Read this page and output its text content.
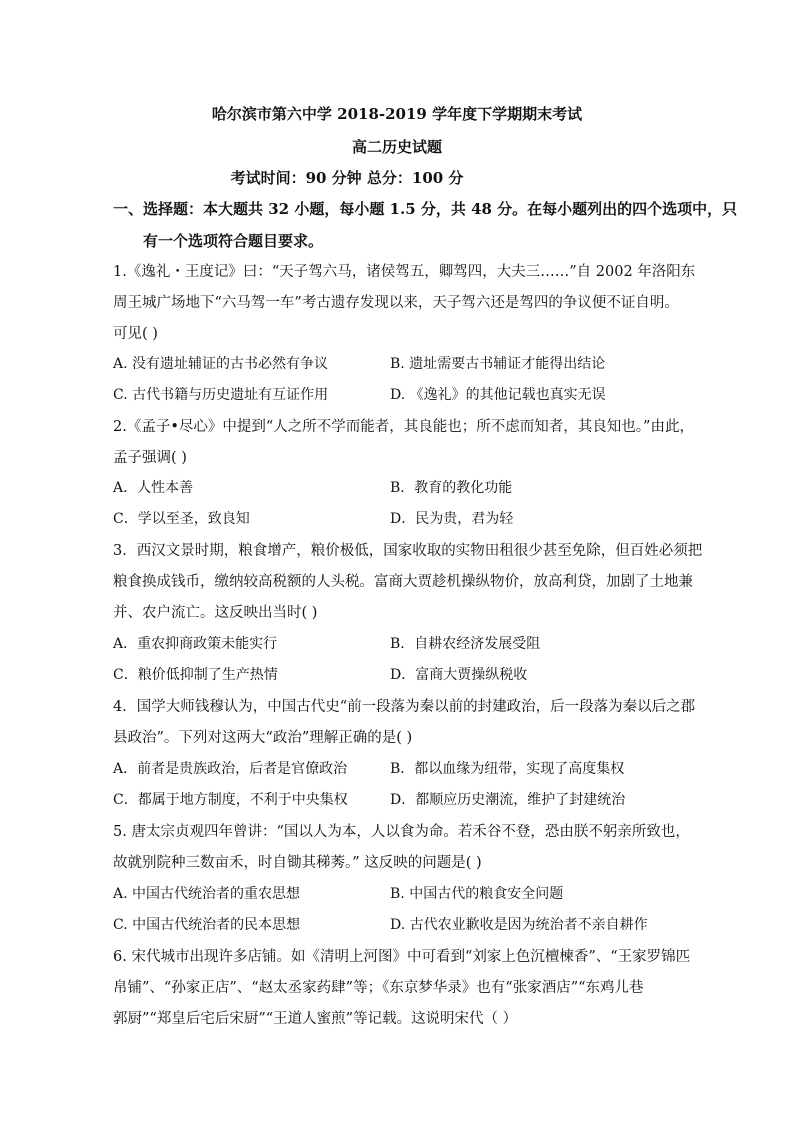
哈尔滨市第六中学 2018-2019 学年度下学期期末考试
高二历史试题
考试时间：90 分钟 总分：100 分
一、选择题：本大题共 32 小题，每小题 1.5 分，共 48 分。在每小题列出的四个选项中，只
有一个选项符合题目要求。
1.《逸礼・王度记》曰：“天子驾六马，诸侯驾五，卿驾四，大夫三……”自 2002 年洛阳东
周王城广场地下“六马驾一车”考古遗存发现以来，天子驾六还是驾四的争议便不证自明。
可见( )
A. 没有遗址辅证的古书必然有争议	B. 遗址需要古书辅证才能得出结论
C. 古代书籍与历史遗址有互证作用	D. 《逸礼》的其他记载也真实无误
2.《孟子•尽心》中提到“人之所不学而能者，其良能也；所不虑而知者，其良知也。”由此，
孟子强调( )
A．人性本善	B．教育的教化功能
C．学以至圣，致良知	D．民为贵，君为轻
3．西汉文景时期，粮食增产，粮价极低，国家收取的实物田租很少甚至免除，但百姓必须把
粮食换成钱币，缴纳较高税额的人头税。富商大贾趁机操纵物价，放高利贷，加剧了土地兼
并、农户流亡。这反映出当时( )
A．重农抑商政策未能实行	B．自耕农经济发展受阻
C．粮价低抑制了生产热情	D．富商大贾操纵税收
4．国学大师钱穆认为，中国古代史“前一段落为秦以前的封建政治，后一段落为秦以后之郡
县政治”。下列对这两大“政治”理解正确的是( )
A．前者是贵族政治，后者是官僚政治	B．都以血缘为纽带，实现了高度集权
C．都属于地方制度，不利于中央集权	D．都顺应历史潮流，维护了封建统治
5. 唐太宗贞观四年曾讲：“国以人为本，人以食为命。若禾谷不登，恐由朕不躬亲所致也，
故就别院种三数亩禾，时自锄其稊莠。” 这反映的问题是( )
A. 中国古代统治者的重农思想	B. 中国古代的粮食安全问题
C. 中国古代统治者的民本思想	D. 古代农业歉收是因为统治者不亲自耕作
6. 宋代城市出现许多店铺。如《清明上河图》中可看到“刘家上色沉檀楝香”、“王家罗锦匹
帛铺”、“孙家正店”、“赵太丞家药肆”等；《东京梦华录》也有“张家酒店”“东鸡儿巷
郭厨”“郑皇后宅后宋厨”“王道人蜜煎”等记载。这说明宋代（ ）
